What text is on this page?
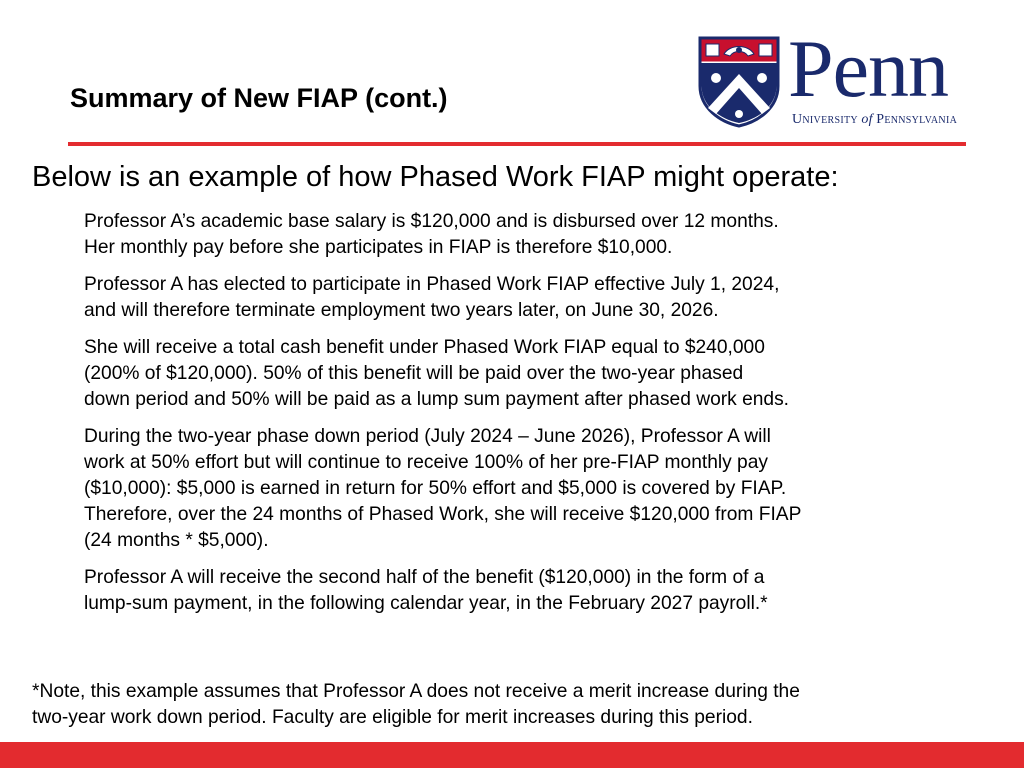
Summary of New FIAP (cont.)	Penn
University of Pennsylvania
Below is an example of how Phased Work FIAP might operate:

Professor A’s academic base salary is $120,000 and is disbursed over 12 months.
Her monthly pay before she participates in FIAP is therefore $10,000.

Professor A has elected to participate in Phased Work FIAP effective July 1, 2024,
and will therefore terminate employment two years later, on June 30, 2026.

She will receive a total cash benefit under Phased Work FIAP equal to $240,000
(200% of $120,000). 50% of this benefit will be paid over the two-year phased
down period and 50% will be paid as a lump sum payment after phased work ends.

During the two-year phase down period (July 2024 – June 2026), Professor A will
work at 50% effort but will continue to receive 100% of her pre-FIAP monthly pay
($10,000): $5,000 is earned in return for 50% effort and $5,000 is covered by FIAP.
Therefore, over the 24 months of Phased Work, she will receive $120,000 from FIAP
(24 months * $5,000).

Professor A will receive the second half of the benefit ($120,000) in the form of a
lump-sum payment, in the following calendar year, in the February 2027 payroll.*

*Note, this example assumes that Professor A does not receive a merit increase during the
two-year work down period. Faculty are eligible for merit increases during this period.
